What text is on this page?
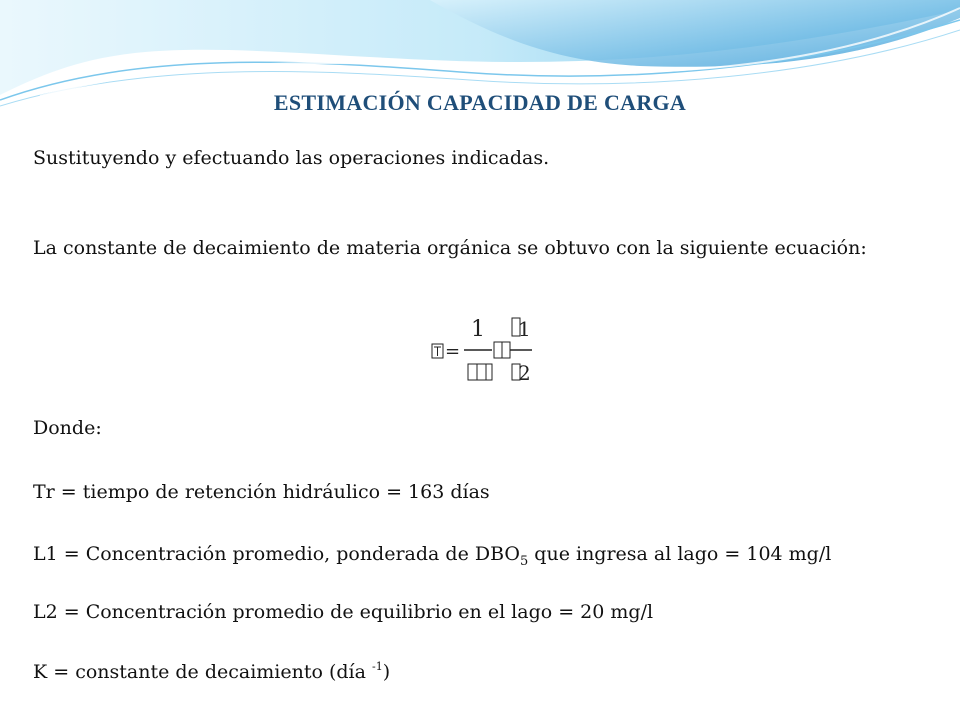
ESTIMACIÓN CAPACIDAD DE CARGA
Sustituyendo y efectuando las operaciones indicadas.
La constante de decaimiento de materia orgánica se obtuvo con la siguiente ecuación:
=
1 1
2
Donde:
Tr = tiempo de retención hidráulico = 163 días
L1 = Concentración promedio, ponderada de $DBO_5$ que ingresa al lago = 104 mg/l
L2 = Concentración promedio de equilibrio en el lago = 20 mg/l
K = constante de decaimiento (día $^{-1}$)
